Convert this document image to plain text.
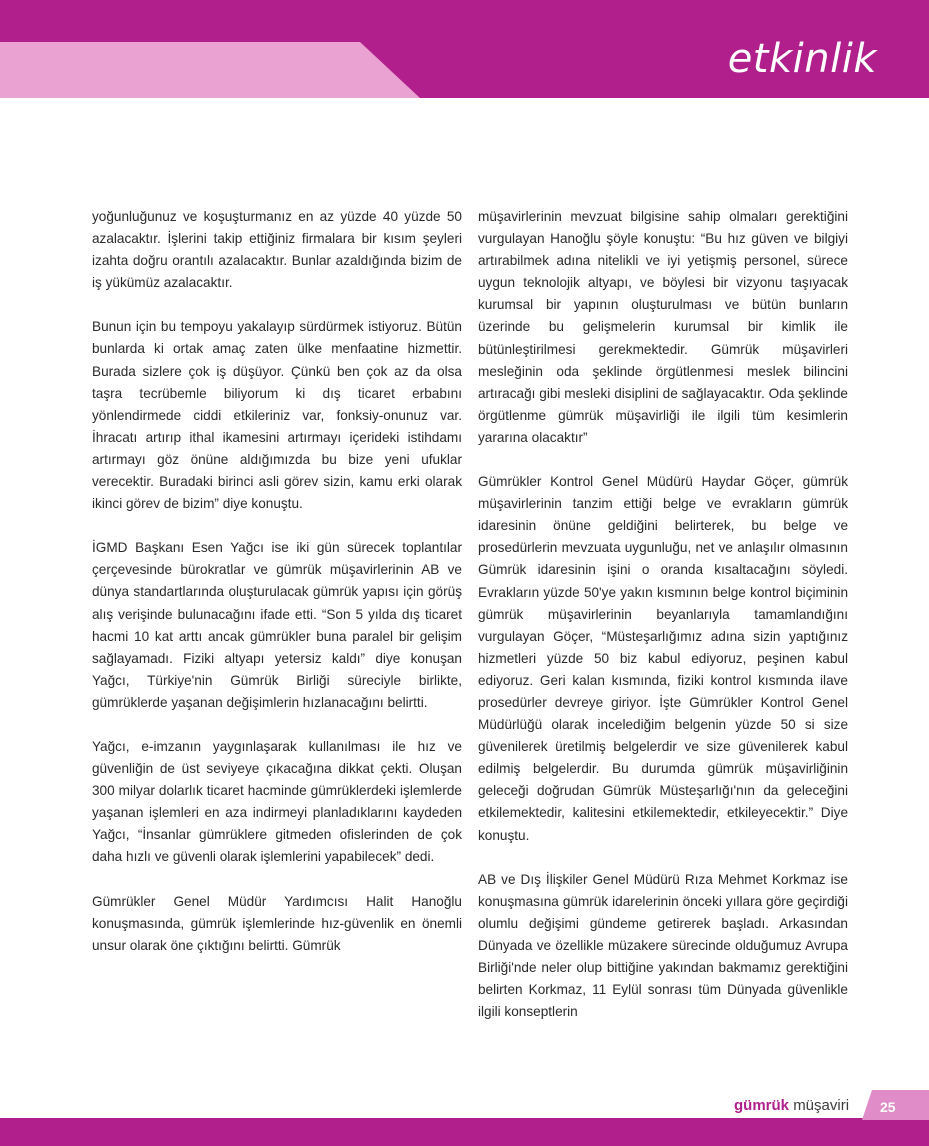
etkinlik

yoğunluğunuz ve koşuşturmanız en az yüzde 40 yüzde 50 azalacaktır. İşlerini takip ettiğiniz firmalara bir kısım şeyleri izahta doğru orantılı azalacaktır. Bunlar azaldığında bizim de iş yükümüz azalacaktır.

Bunun için bu tempoyu yakalayıp sürdürmek istiyoruz. Bütün bunlarda ki ortak amaç zaten ülke menfaatine hizmettir. Burada sizlere çok iş düşüyor. Çünkü ben çok az da olsa taşra tecrübemle biliyorum ki dış ticaret erbabını yönlendirmede ciddi etkileriniz var, fonksiy-onunuz var. İhracatı artırıp ithal ikamesini artırmayı içerideki istihdamı artırmayı göz önüne aldığımızda bu bize yeni ufuklar verecektir. Buradaki birinci asli görev sizin, kamu erki olarak ikinci görev de bizim” diye konuştu.

İGMD Başkanı Esen Yağcı ise iki gün sürecek toplantılar çerçevesinde bürokratlar ve gümrük müşavirlerinin AB ve dünya standartlarında oluşturulacak gümrük yapısı için görüş alış verişinde bulunacağını ifade etti. “Son 5 yılda dış ticaret hacmi 10 kat arttı ancak gümrükler buna paralel bir gelişim sağlayamadı. Fiziki altyapı yetersiz kaldı” diye konuşan Yağcı, Türkiye'nin Gümrük Birliği süreciyle birlikte, gümrüklerde yaşanan değişimlerin hızlanacağını belirtti.

Yağcı, e-imzanın yaygınlaşarak kullanılması ile hız ve güvenliğin de üst seviyeye çıkacağına dikkat çekti. Oluşan 300 milyar dolarlık ticaret hacminde gümrüklerdeki işlemlerde yaşanan işlemleri en aza indirmeyi planladıklarını kaydeden Yağcı, “İnsanlar gümrüklere gitmeden ofislerinden de çok daha hızlı ve güvenli olarak işlemlerini yapabilecek” dedi.

Gümrükler Genel Müdür Yardımcısı Halit Hanoğlu konuşmasında, gümrük işlemlerinde hız-güvenlik en önemli unsur olarak öne çıktığını belirtti. Gümrük

müşavirlerinin mevzuat bilgisine sahip olmaları gerektiğini vurgulayan Hanoğlu şöyle konuştu: “Bu hız güven ve bilgiyi artırabilmek adına nitelikli ve iyi yetişmiş personel, sürece uygun teknolojik altyapı, ve böylesi bir vizyonu taşıyacak kurumsal bir yapının oluşturulması ve bütün bunların üzerinde bu gelişmelerin kurumsal bir kimlik ile bütünleştirilmesi gerekmektedir. Gümrük müşavirleri mesleğinin oda şeklinde örgütlenmesi meslek bilincini artıracağı gibi mesleki disiplini de sağlayacaktır. Oda şeklinde örgütlenme gümrük müşavirliği ile ilgili tüm kesimlerin yararına olacaktır”

Gümrükler Kontrol Genel Müdürü Haydar Göçer, gümrük müşavirlerinin tanzim ettiği belge ve evrakların gümrük idaresinin önüne geldiğini belirterek, bu belge ve prosedürlerin mevzuata uygunluğu, net ve anlaşılır olmasının Gümrük idaresinin işini o oranda kısaltacağını söyledi. Evrakların yüzde 50'ye yakın kısmının belge kontrol biçiminin gümrük müşavirlerinin beyanlarıyla tamamlandığını vurgulayan Göçer, “Müsteşarlığımız adına sizin yaptığınız hizmetleri yüzde 50 biz kabul ediyoruz, peşinen kabul ediyoruz. Geri kalan kısmında, fiziki kontrol kısmında ilave prosedürler devreye giriyor. İşte Gümrükler Kontrol Genel Müdürlüğü olarak incelediğim belgenin yüzde 50 si size güvenilerek üretilmiş belgelerdir ve size güvenilerek kabul edilmiş belgelerdir. Bu durumda gümrük müşavirliğinin geleceği doğrudan Gümrük Müsteşarlığı'nın da geleceğini etkilemektedir, kalitesini etkilemektedir, etkileyecektir.” Diye konuştu.

AB ve Dış İlişkiler Genel Müdürü Rıza Mehmet Korkmaz ise konuşmasına gümrük idarelerinin önceki yıllara göre geçirdiği olumlu değişimi gündeme getirerek başladı. Arkasından Dünyada ve özellikle müzakere sürecinde olduğumuz Avrupa Birliği'nde neler olup bittiğine yakından bakmamız gerektiğini belirten Korkmaz, 11 Eylül sonrası tüm Dünyada güvenlikle ilgili konseptlerin

gümrük müşaviri 25
